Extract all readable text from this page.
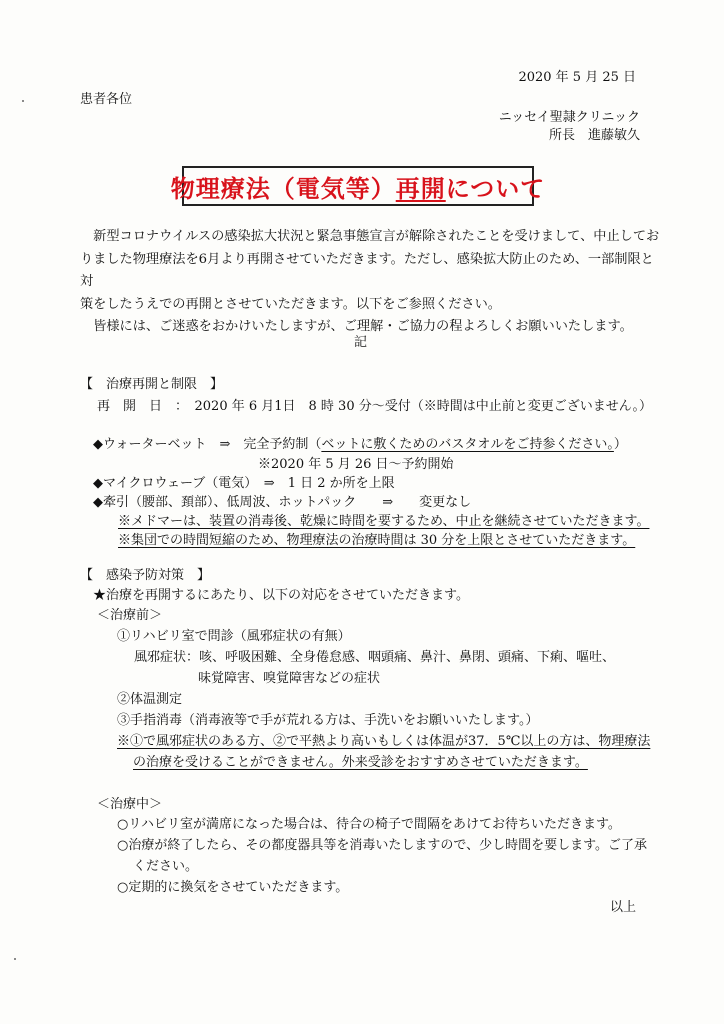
2020 年 5 月 25 日
患者各位
ニッセイ聖隷クリニック
所長　進藤敏久
物理療法（電気等）再開について
　新型コロナウイルスの感染拡大状況と緊急事態宣言が解除されたことを受けまして、中止してお
りました物理療法を6月より再開させていただきます。ただし、感染拡大防止のため、一部制限と対
策をしたうえでの再開とさせていただきます。以下をご参照ください。
　皆様には、ご迷惑をおかけいたしますが、ご理解・ご協力の程よろしくお願いいたします。
記
【　治療再開と制限　】
再　開　日　：　2020 年 6 月1日　8 時 30 分～受付（※時間は中止前と変更ございません。）
◆ウォーターベット　⇒　完全予約制（ベットに敷くためのバスタオルをご持参ください。）
※2020 年 5 月 26 日～予約開始
◆マイクロウェーブ（電気）　⇒　1 日 2 か所を上限
◆牽引（腰部、頚部）、低周波、ホットパック　　⇒　　変更なし
※メドマーは、装置の消毒後、乾燥に時間を要するため、中止を継続させていただきます。
※集団での時間短縮のため、物理療法の治療時間は 30 分を上限とさせていただきます。
【　感染予防対策　】
★治療を再開するにあたり、以下の対応をさせていただきます。
＜治療前＞
①リハビリ室で問診（風邪症状の有無）
風邪症状：咳、呼吸困難、全身倦怠感、咽頭痛、鼻汁、鼻閉、頭痛、下痢、嘔吐、
味覚障害、嗅覚障害などの症状
②体温測定
③手指消毒（消毒液等で手が荒れる方は、手洗いをお願いいたします。）
※①で風邪症状のある方、②で平熱より高いもしくは体温が37．5℃以上の方は、物理療法
の治療を受けることができません。外来受診をおすすめさせていただきます。
＜治療中＞
○リハビリ室が満席になった場合は、待合の椅子で間隔をあけてお待ちいただきます。
○治療が終了したら、その都度器具等を消毒いたしますので、少し時間を要します。ご了承
ください。
○定期的に換気をさせていただきます。
以上
